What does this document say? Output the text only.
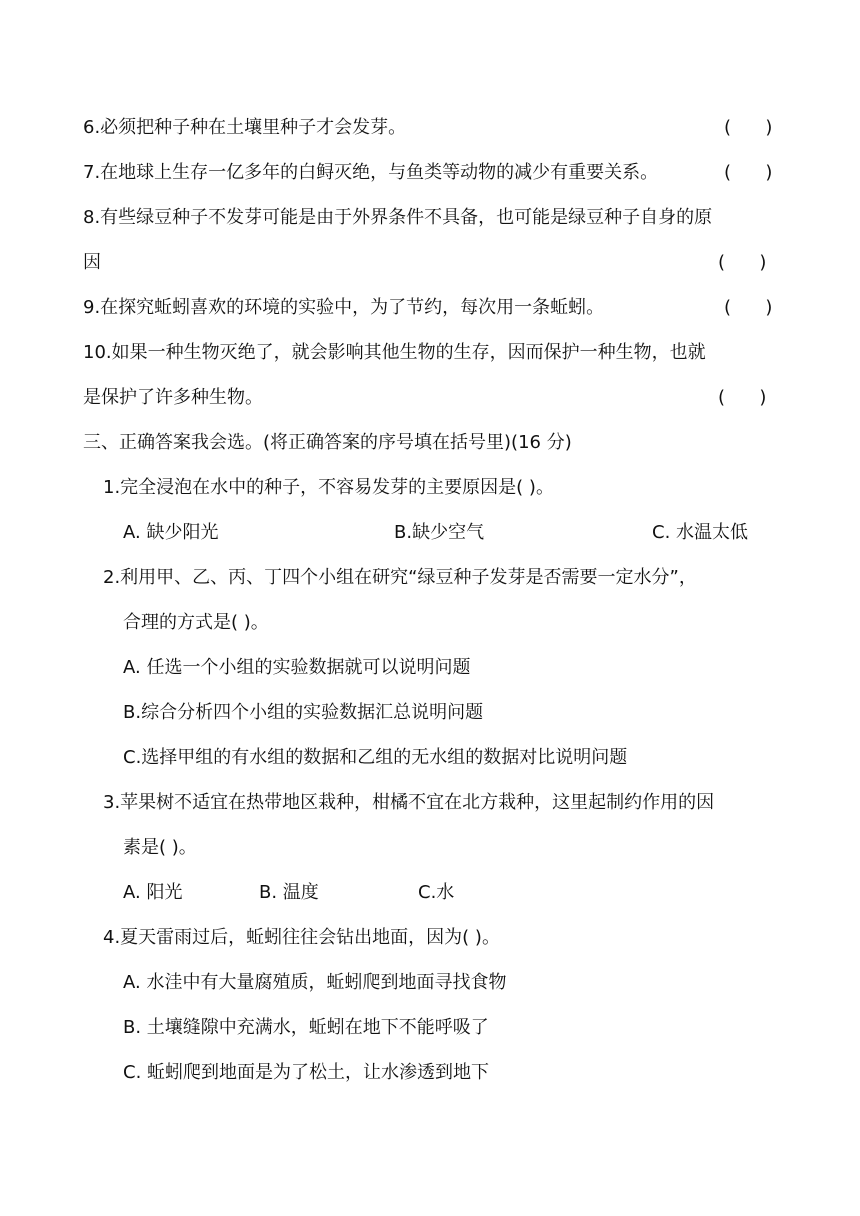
6.必须把种子种在土壤里种子才会发芽。	(      )
7.在地球上生存一亿多年的白鲟灭绝，与鱼类等动物的减少有重要关系。	(      )
8.有些绿豆种子不发芽可能是由于外界条件不具备，也可能是绿豆种子自身的原
因	(      )
9.在探究蚯蚓喜欢的环境的实验中，为了节约，每次用一条蚯蚓。	(      )
10.如果一种生物灭绝了，就会影响其他生物的生存，因而保护一种生物，也就
是保护了许多种生物。	(      )
三、正确答案我会选。(将正确答案的序号填在括号里)(16 分)
1.完全浸泡在水中的种子，不容易发芽的主要原因是( )。
A. 缺少阳光	B.缺少空气	C. 水温太低
2.利用甲、乙、丙、丁四个小组在研究“绿豆种子发芽是否需要一定水分”，
合理的方式是( )。
A. 任选一个小组的实验数据就可以说明问题
B.综合分析四个小组的实验数据汇总说明问题
C.选择甲组的有水组的数据和乙组的无水组的数据对比说明问题
3.苹果树不适宜在热带地区栽种，柑橘不宜在北方栽种，这里起制约作用的因
素是( )。
A. 阳光	B. 温度	C.水
4.夏天雷雨过后，蚯蚓往往会钻出地面，因为( )。
A. 水洼中有大量腐殖质，蚯蚓爬到地面寻找食物
B. 土壤缝隙中充满水，蚯蚓在地下不能呼吸了
C. 蚯蚓爬到地面是为了松土，让水渗透到地下
